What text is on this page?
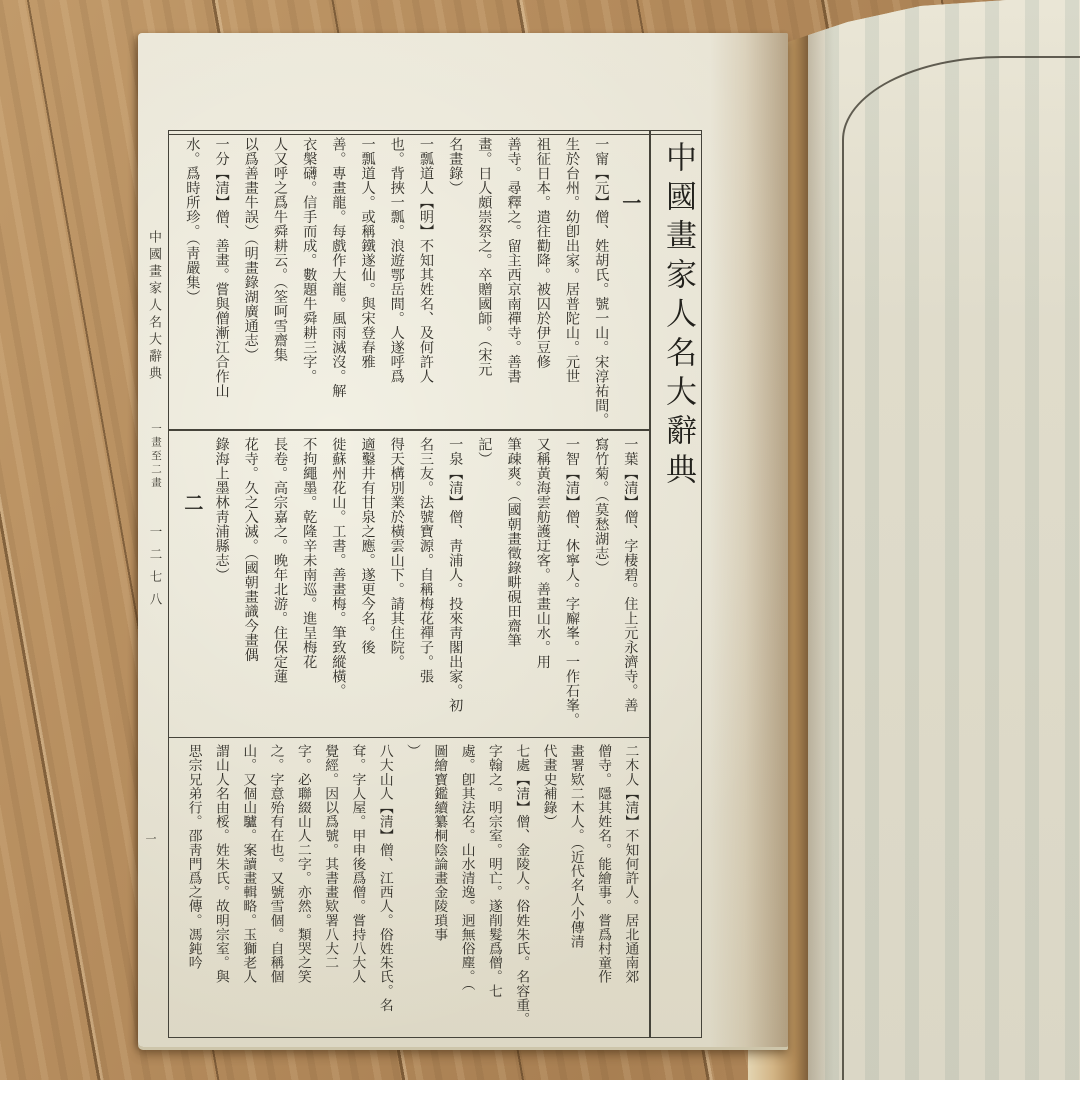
中國畫家人名大辭典
一畫至二畫
一二七八
一
一
一甯【元】僧、姓胡氏。號一山。宋淳祐間。
生於台州。幼卽出家。居普陀山。元世
祖征日本。遣往勸降。被囚於伊豆修
善寺。尋釋之。留主西京南禪寺。善書
畫。日人頗崇祭之。卒贈國師。（宋元
名畫錄）
一瓢道人【明】不知其姓名、及何許人
也。背挾一瓢。浪遊鄂岳間。人遂呼爲
一瓢道人。或稱鐵遂仙。與宋登春雅
善。專畫龍。每戲作大龍。風雨滅沒。解
衣槃礴。信手而成。數題牛舜耕三字。
人又呼之爲牛舜耕云。（筌呵雪齋集
以爲善畫牛誤）（明畫錄湖廣通志）
一分【清】僧、善畫。嘗與僧漸江合作山
水。爲時所珍。（靑嚴集）
一葉【清】僧、字棲碧。住上元永濟寺。善
寫竹菊。（莫愁湖志）
一智【清】僧、休寧人。字廨峯。一作石峯。
又稱黃海雲舫護迂客。善畫山水。用
筆疎爽。（國朝畫徵錄畊硯田齋筆
記）
一泉【清】僧、靑浦人。投來靑閣出家。初
名三友。法號寶源。自稱梅花禪子。張
得天構別業於橫雲山下。請其住院。
適鑿井有甘泉之應。遂更今名。後
徙蘇州花山。工書。善畫梅。筆致縱橫。
不拘繩墨。乾隆辛未南巡。進呈梅花
長卷。高宗嘉之。晚年北游。住保定蓮
花寺。久之入滅。（國朝畫識今畫偶
錄海上墨林靑浦縣志）
二
二木人【清】不知何許人。居北通南郊
僧寺。隱其姓名。能繪事。嘗爲村童作
畫署欵二木人。（近代名人小傳清
代畫史補錄）
七處【清】僧、金陵人。俗姓朱氏。名容重。
字翰之。明宗室。明亡。遂削髮爲僧。七
處。卽其法名。山水清逸。迥無俗塵。（
圖繪寶鑑續纂桐陰論畫金陵瑣事
）
八大山人【清】僧、江西人。俗姓朱氏。名
耷。字人屋。甲申後爲僧。嘗持八大人
覺經。因以爲號。其書畫欵署八大二
字。必聯綴山人二字。亦然。類哭之笑
之。字意殆有在也。又號雪個。自稱個
山。又個山驢。案讀畫輯略。玉獅老人
謂山人名由桵。姓朱氏。故明宗室。與
思宗兄弟行。邵靑門爲之傳。馮鈍吟
中國畫家人名大辭典
